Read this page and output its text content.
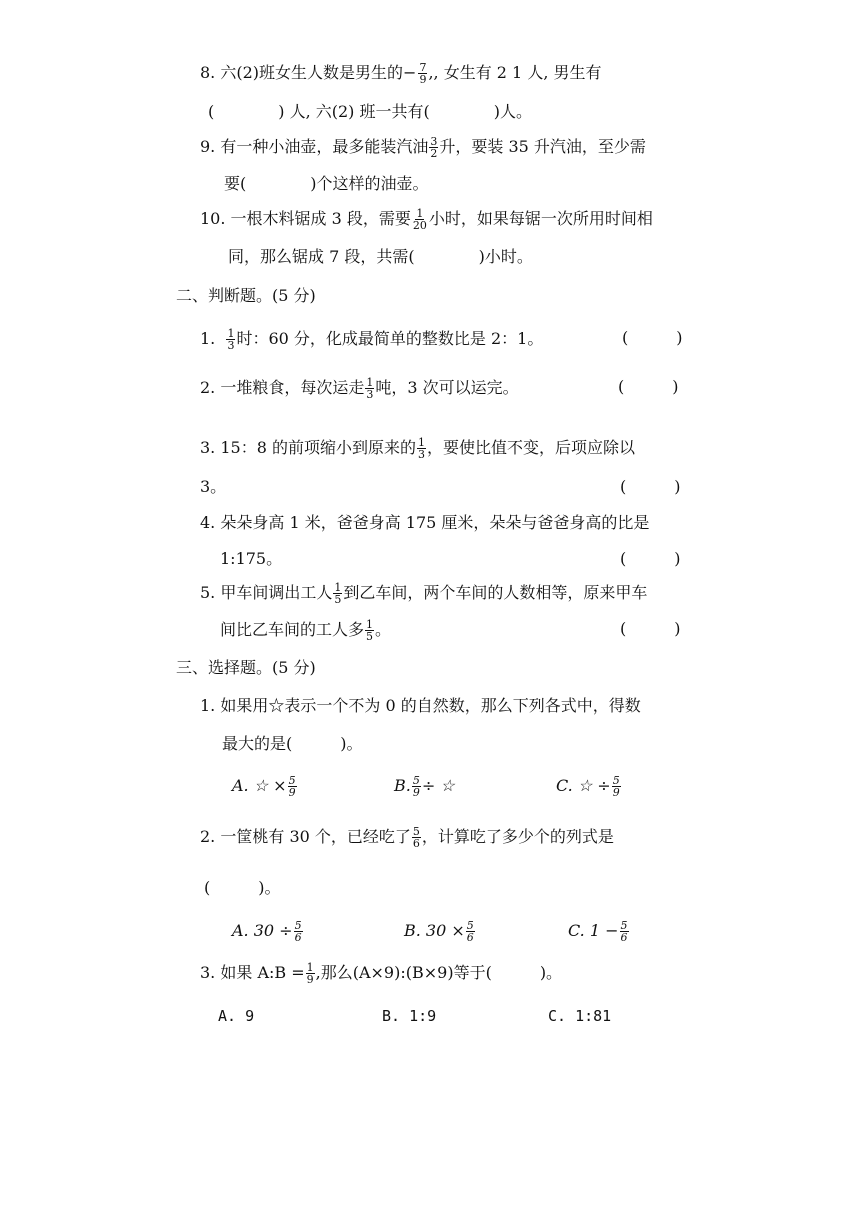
8. 六(2)班女生人数是男生的− $\frac{7}{9}$ ,, 女生有 2 1 人, 男生有
(　　　　) 人, 六(2) 班一共有(　　　　)人。
9. 有一种小油壶，最多能装汽油 $\frac{3}{2}$ 升，要装 35 升汽油，至少需
要(　　　　)个这样的油壶。
10. 一根木料锯成 3 段，需要 $\frac{1}{20}$ 小时，如果每锯一次所用时间相
同，那么锯成 7 段，共需(　　　　)小时。
二、判断题。(5 分)
1. $\frac{1}{3}$ 时：60 分，化成最简单的整数比是 2：1。	(　　　)
2. 一堆粮食，每次运走 $\frac{1}{3}$ 吨，3 次可以运完。	(　　　)
3. 15：8 的前项缩小到原来的 $\frac{1}{3}$ ，要使比值不变，后项应除以
3。	(　　　)
4. 朵朵身高 1 米，爸爸身高 175 厘米，朵朵与爸爸身高的比是
1:175。	(　　　)
5. 甲车间调出工人 $\frac{1}{5}$ 到乙车间，两个车间的人数相等，原来甲车
间比乙车间的工人多 $\frac{1}{5}$ 。	(　　　)
三、选择题。(5 分)
1. 如果用☆表示一个不为 0 的自然数，那么下列各式中，得数
最大的是(　　　)。
A. ☆ × $\frac{5}{9}$	B. $\frac{5}{9}$ ÷ ☆	C. ☆ ÷ $\frac{5}{9}$
2. 一筐桃有 30 个，已经吃了 $\frac{5}{6}$ ，计算吃了多少个的列式是
(　　　)。
A. $30 \div \frac{5}{6}$	B. $30 \times \frac{5}{6}$	C. $1 - \frac{5}{6}$
3. 如果 A:B = $\frac{1}{9}$ ,那么(A×9):(B×9)等于(　　　)。
A. 9	B. 1:9	C. 1:81
